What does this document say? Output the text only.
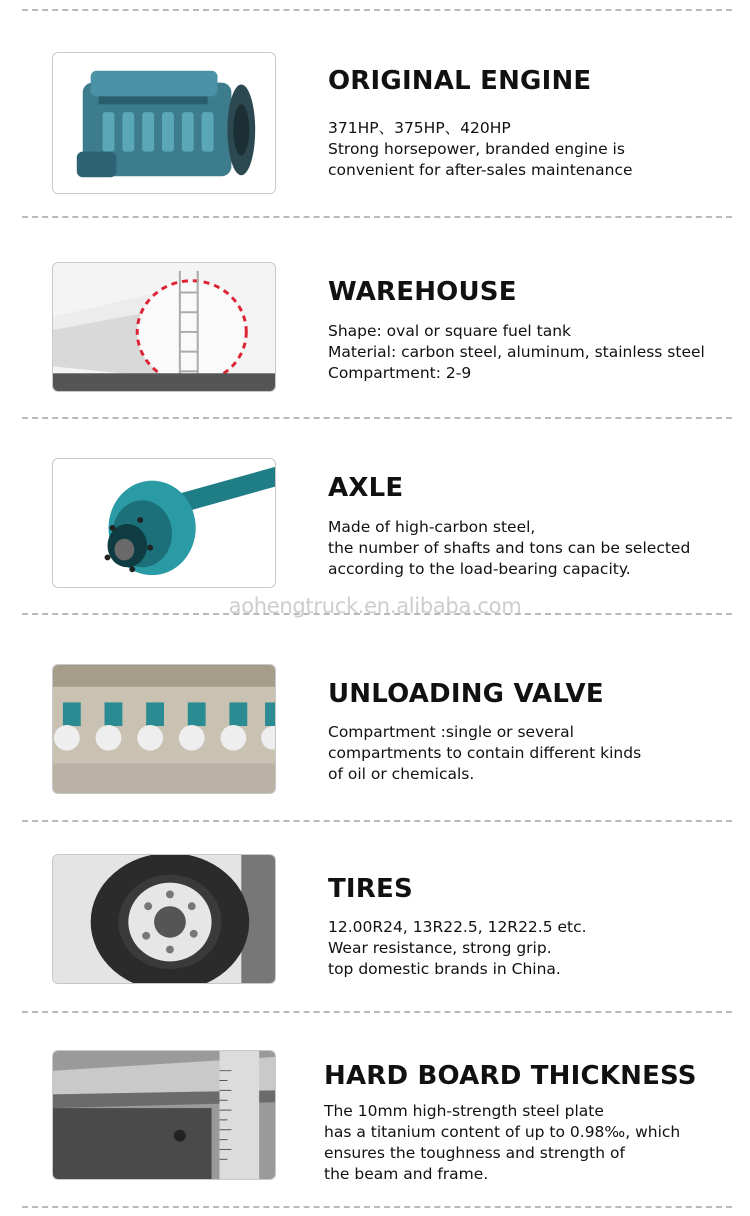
ORIGINAL ENGINE
371HP、375HP、420HP
Strong horsepower, branded engine is
convenient for after-sales maintenance
WAREHOUSE
Shape: oval or square fuel tank
Material: carbon steel, aluminum, stainless steel
Compartment: 2-9
AXLE
Made of high-carbon steel,
the number of shafts and tons can be selected
according to the load-bearing capacity.
aohengtruck.en.alibaba.com
UNLOADING VALVE
Compartment :single or several
compartments to contain different kinds
of oil or chemicals.
TIRES
12.00R24, 13R22.5, 12R22.5 etc.
Wear resistance, strong grip.
top domestic brands in China.
HARD BOARD THICKNESS
The 10mm high-strength steel plate
has a titanium content of up to 0.98‰, which
ensures the toughness and strength of
the beam and frame.
